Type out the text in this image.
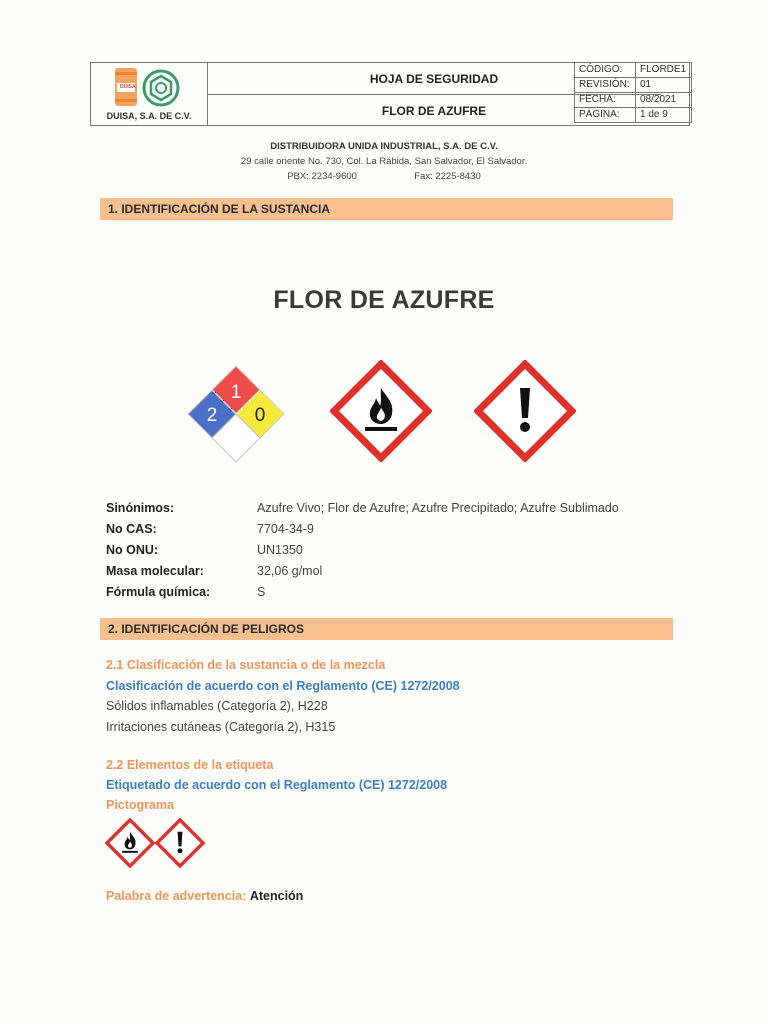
DUISA
DUISA, S.A. DE C.V.
HOJA DE SEGURIDAD
FLOR DE AZUFRE
CÓDIGO:	FLORDE1
REVISIÓN:	01
FECHA:	08/2021
PÁGINA:	1 de 9
DISTRIBUIDORA UNIDA INDUSTRIAL, S.A. DE C.V.
29 calle oriente No. 730, Col. La Rábida, San Salvador, El Salvador.
PBX: 2234-9600	Fax: 2225-8430
1. IDENTIFICACIÓN DE LA SUSTANCIA
FLOR DE AZUFRE
1
2 0
Sinónimos:	Azufre Vivo; Flor de Azufre; Azufre Precipitado; Azufre Sublimado
No CAS:	7704-34-9
No ONU:	UN1350
Masa molecular:	32,06 g/mol
Fórmula química:	S
2. IDENTIFICACIÓN DE PELIGROS
2.1 Clasificación de la sustancia o de la mezcla
Clasificación de acuerdo con el Reglamento (CE) 1272/2008
Sólidos inflamables (Categoría 2), H228
Irritaciones cutáneas (Categoría 2), H315
2.2 Elementos de la etiqueta
Etiquetado de acuerdo con el Reglamento (CE) 1272/2008
Pictograma
Palabra de advertencia: Atención
